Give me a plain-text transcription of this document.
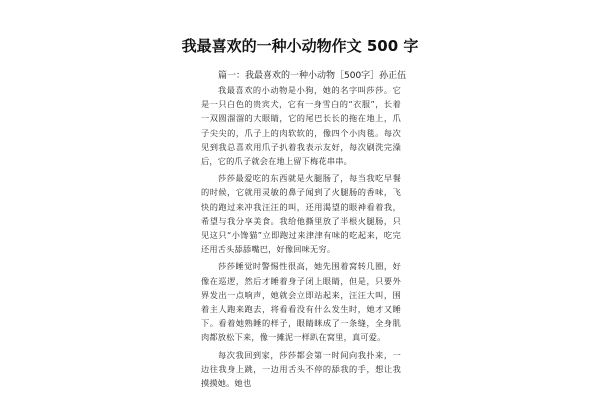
我最喜欢的一种小动物作文 500 字

篇一：我最喜欢的一种小动物［500字］孙正伍

我最喜欢的小动物是小狗，她的名字叫莎莎。它是一只白色的贵宾犬，它有一身雪白的“衣服”，长着一双圆溜溜的大眼睛，它的尾巴长长的拖在地上，爪子尖尖的，爪子上的肉软软的，像四个小肉毯。每次见到我总喜欢用爪子扒着我表示友好，每次刷洗完澡后，它的爪子就会在地上留下梅花串串。

莎莎最爱吃的东西就是火腿肠了，每当我吃早餐的时候，它就用灵敏的鼻子闻到了火腿肠的香味，飞快的跑过来冲我汪汪的叫，还用渴望的眼神看着我，希望与我分享美食。我给他撕里放了半根火腿肠，只见这只“小馋猫”立即跑过来津津有味的吃起来，吃完还用舌头舔舔嘴巴，好像回味无穷。

莎莎睡觉时警惕性很高，她先围着窝转几圈，好像在巡逻，然后才睡着身子闭上眼睛，但是，只要外界发出一点响声，她就会立即站起来，汪汪大叫，围着主人跑来跑去，将看看没有什么发生时，她才又睡下。看着她熟睡的样子，眼睛眯成了一条缝，全身肌肉都放松下来，像一摊泥一样趴在窝里，真可爱。

每次我回到家，莎莎都会第一时间向我扑来，一边往我身上跳，一边用舌头不停的舔我的手，想让我摸摸她。她也
